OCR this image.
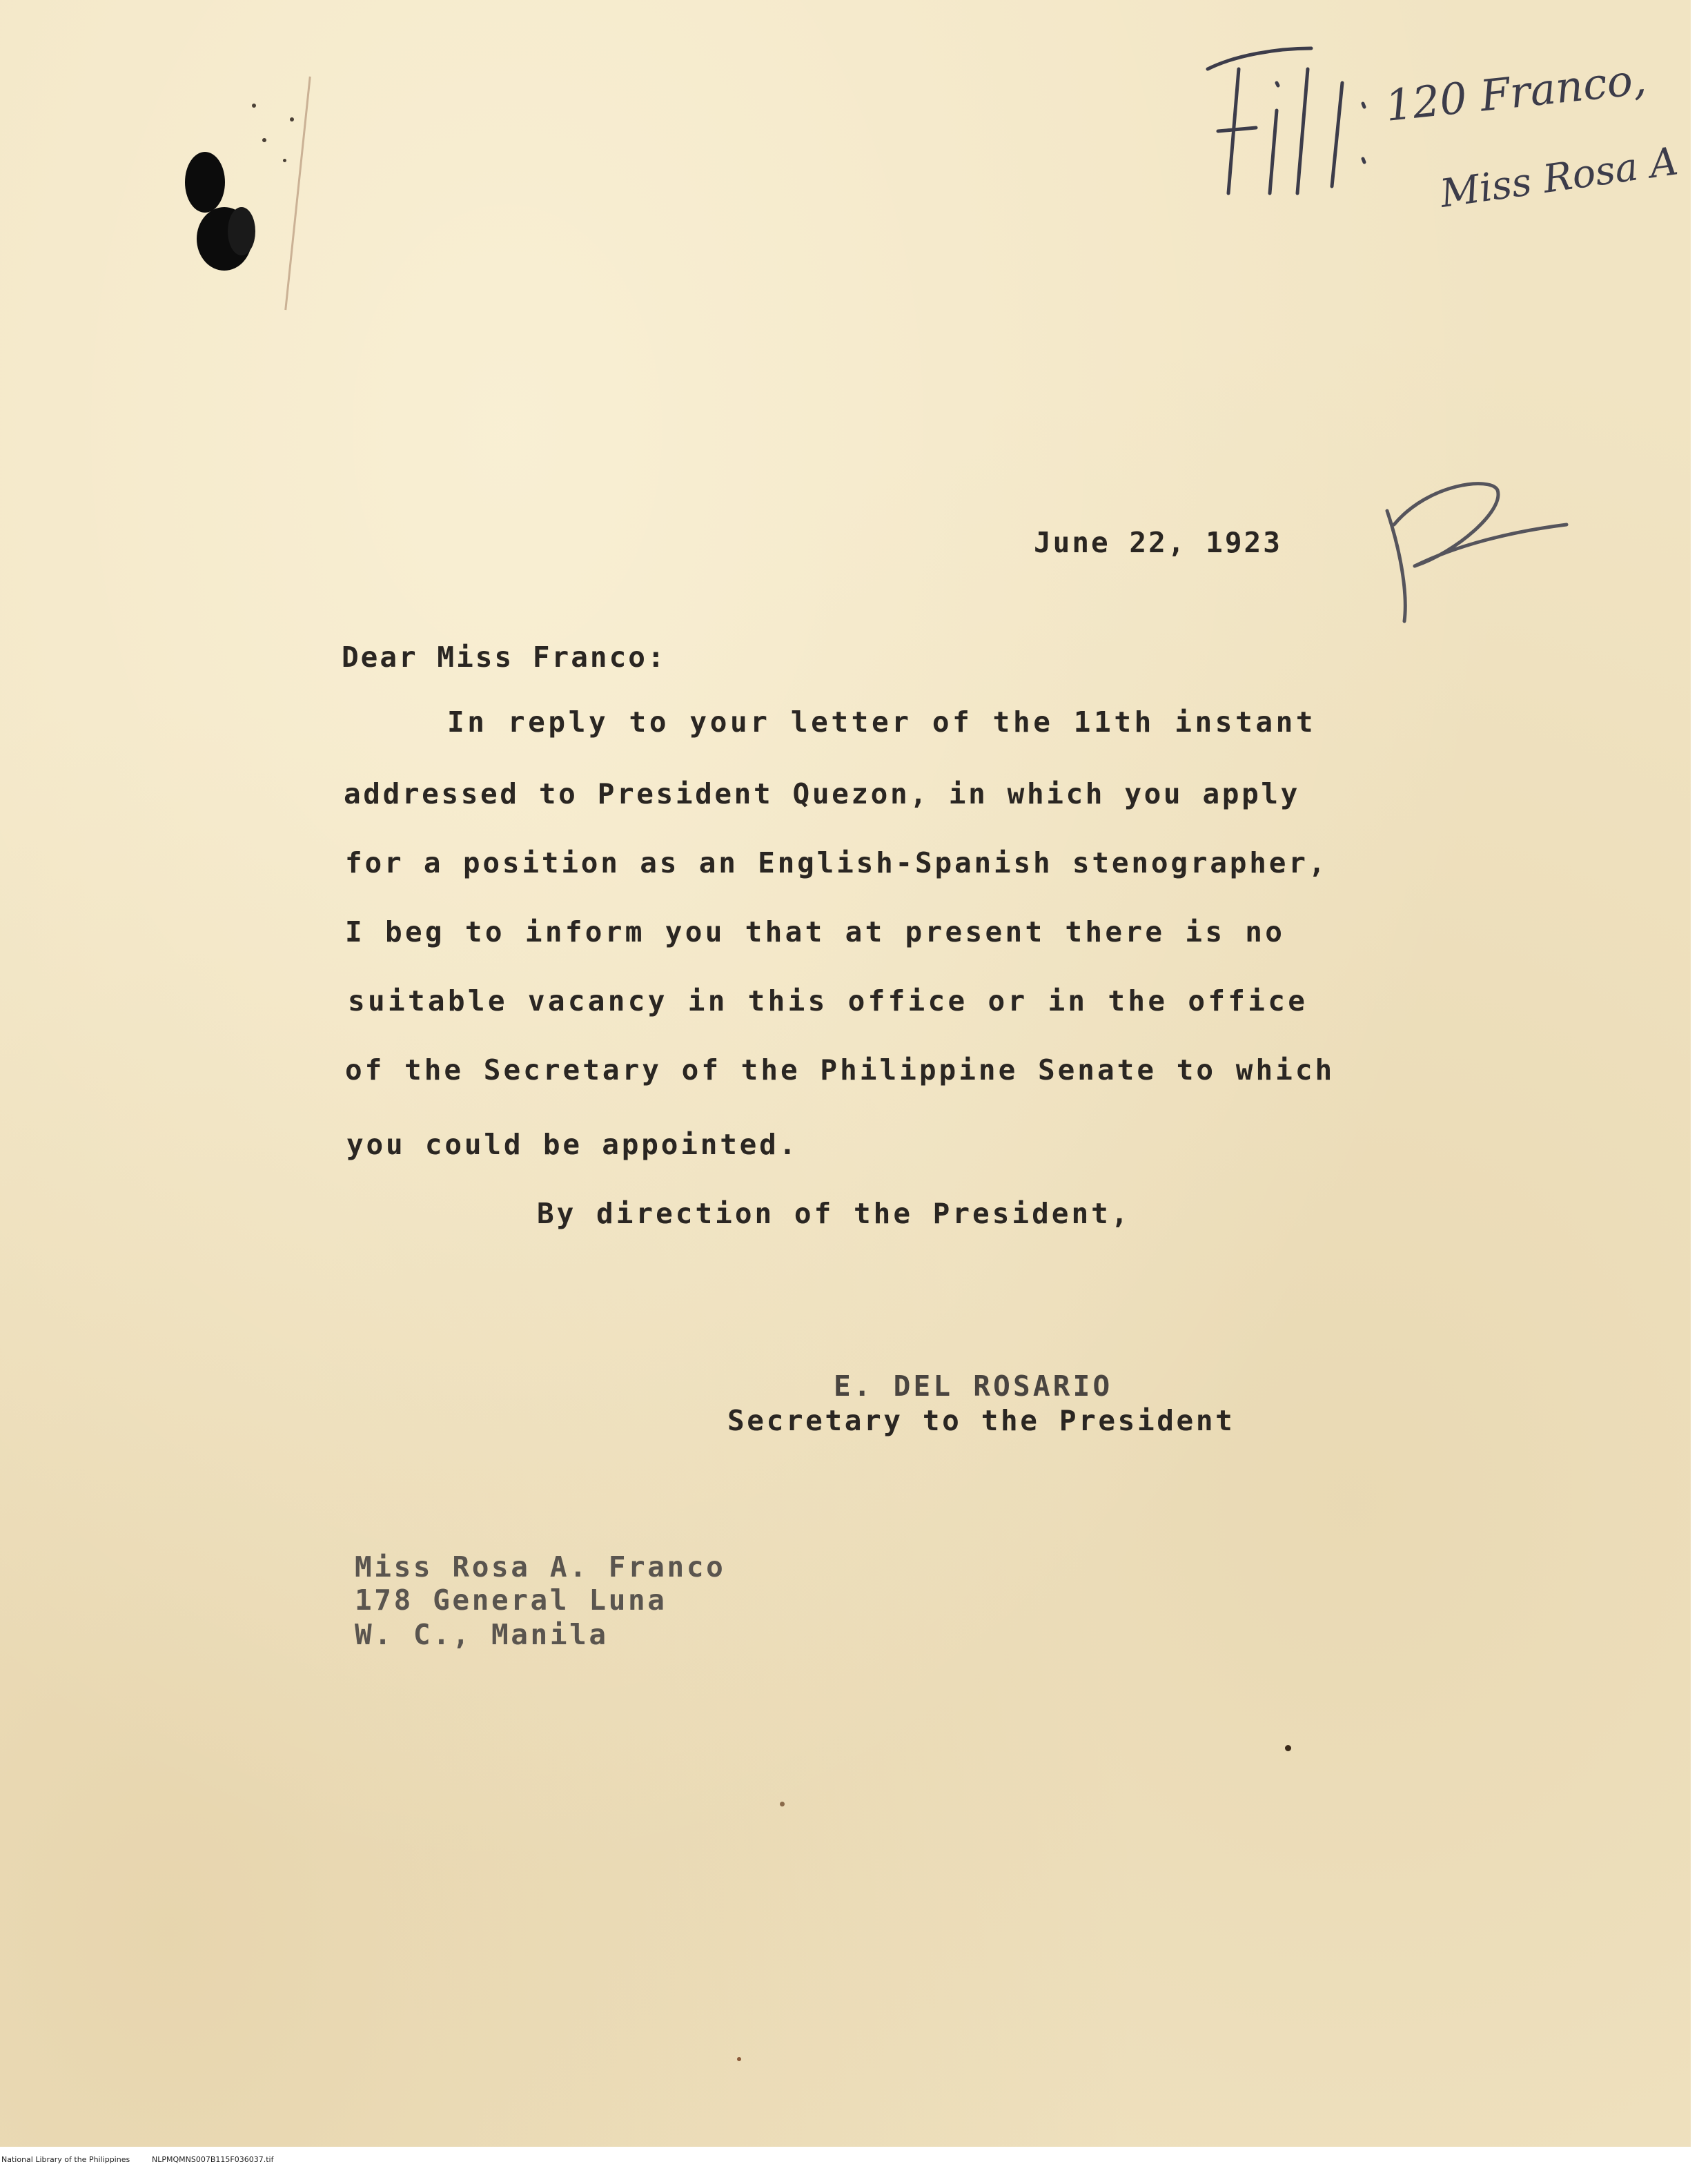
120 Franco,
Miss Rosa A
June 22, 1923
Dear Miss Franco:
In reply to your letter of the 11th instant
addressed to President Quezon, in which you apply
for a position as an English-Spanish stenographer,
I beg to inform you that at present there is no
suitable vacancy in this office or in the office
of the Secretary of the Philippine Senate to which
you could be appointed.
By direction of the President,
E. DEL ROSARIO
Secretary to the President
Miss Rosa A. Franco
178 General Luna
W. C., Manila
National Library of the Philippines	NLPMQMNS007B115F036037.tif
